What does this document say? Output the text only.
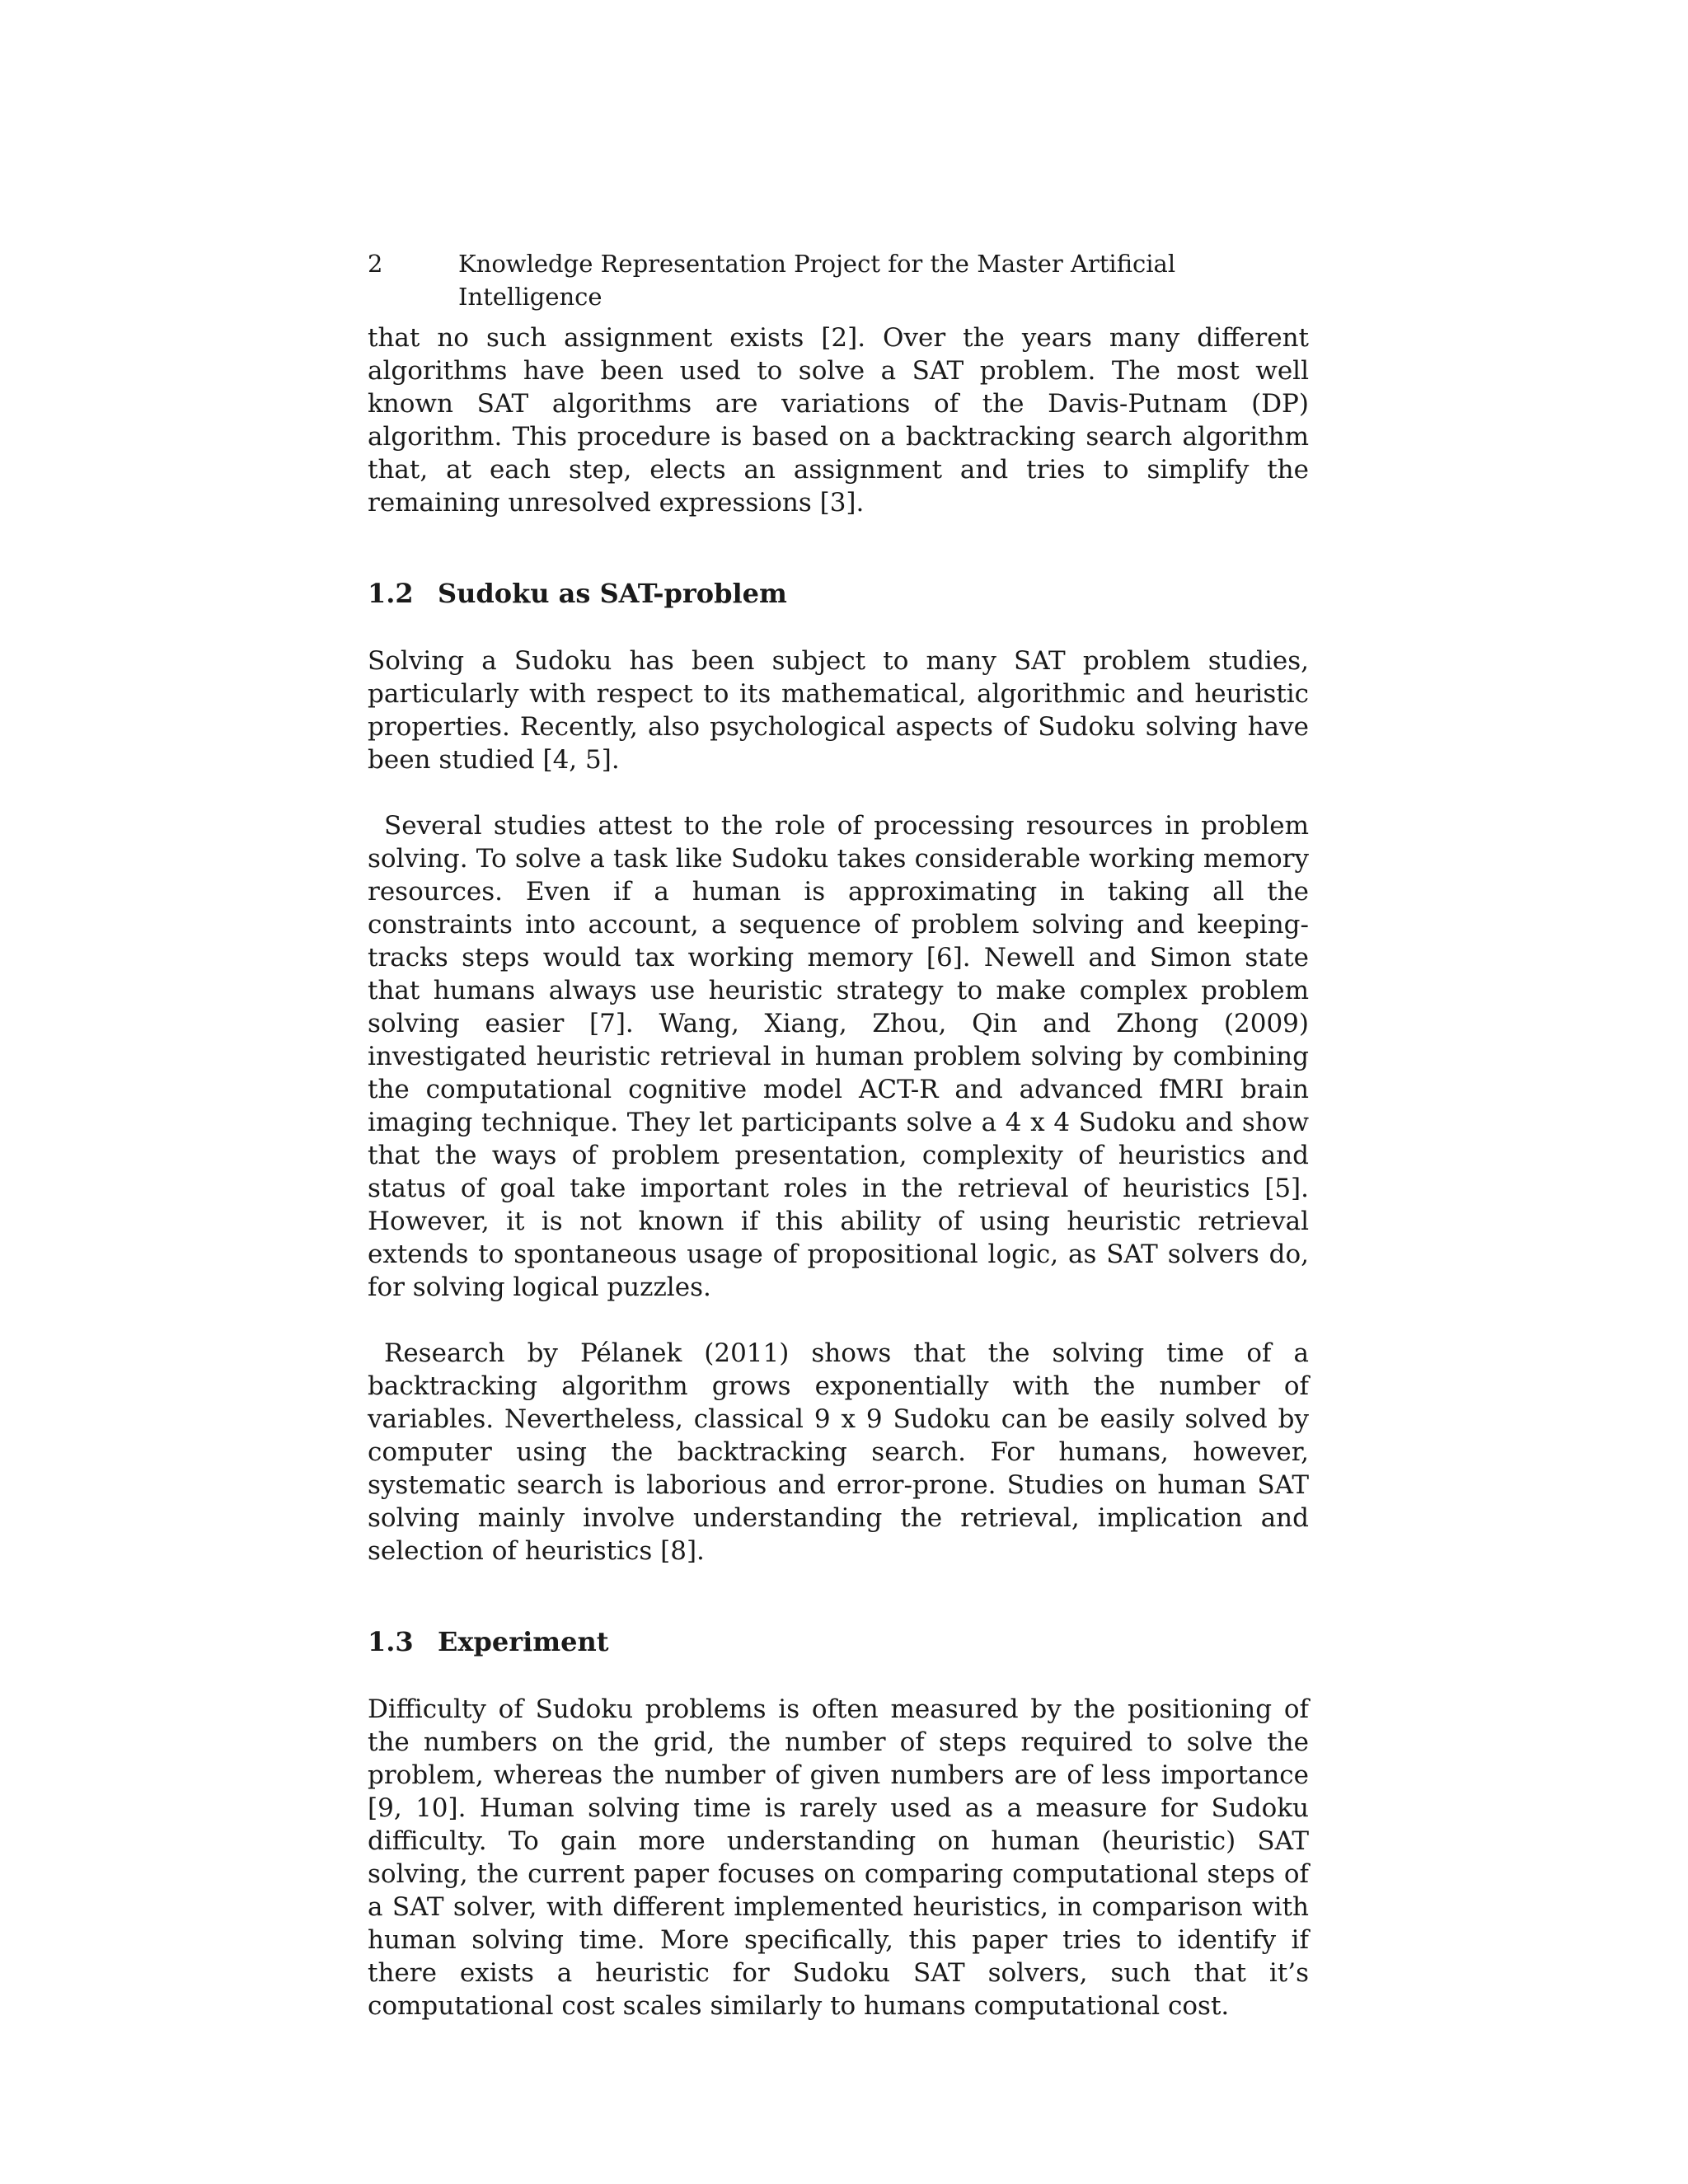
2	Knowledge Representation Project for the Master Artificial Intelligence

that no such assignment exists [2]. Over the years many different algorithms have been used to solve a SAT problem. The most well known SAT algorithms are variations of the Davis-Putnam (DP) algorithm. This procedure is based on a backtracking search algorithm that, at each step, elects an assignment and tries to simplify the remaining unresolved expressions [3].

1.2 Sudoku as SAT-problem

Solving a Sudoku has been subject to many SAT problem studies, particularly with respect to its mathematical, algorithmic and heuristic properties. Recently, also psychological aspects of Sudoku solving have been studied [4, 5].

Several studies attest to the role of processing resources in problem solving. To solve a task like Sudoku takes considerable working memory resources. Even if a human is approximating in taking all the constraints into account, a sequence of problem solving and keeping-tracks steps would tax working memory [6]. Newell and Simon state that humans always use heuristic strategy to make complex problem solving easier [7]. Wang, Xiang, Zhou, Qin and Zhong (2009) investigated heuristic retrieval in human problem solving by combining the computational cognitive model ACT-R and advanced fMRI brain imaging technique. They let participants solve a 4 x 4 Sudoku and show that the ways of problem presentation, complexity of heuristics and status of goal take important roles in the retrieval of heuristics [5]. However, it is not known if this ability of using heuristic retrieval extends to spontaneous usage of propositional logic, as SAT solvers do, for solving logical puzzles.

Research by Pélanek (2011) shows that the solving time of a backtracking algorithm grows exponentially with the number of variables. Nevertheless, classical 9 x 9 Sudoku can be easily solved by computer using the backtracking search. For humans, however, systematic search is laborious and error-prone. Studies on human SAT solving mainly involve understanding the retrieval, implication and selection of heuristics [8].

1.3 Experiment

Difficulty of Sudoku problems is often measured by the positioning of the numbers on the grid, the number of steps required to solve the problem, whereas the number of given numbers are of less importance [9, 10]. Human solving time is rarely used as a measure for Sudoku difficulty. To gain more understanding on human (heuristic) SAT solving, the current paper focuses on comparing computational steps of a SAT solver, with different implemented heuristics, in comparison with human solving time. More specifically, this paper tries to identify if there exists a heuristic for Sudoku SAT solvers, such that it’s computational cost scales similarly to humans computational cost.
